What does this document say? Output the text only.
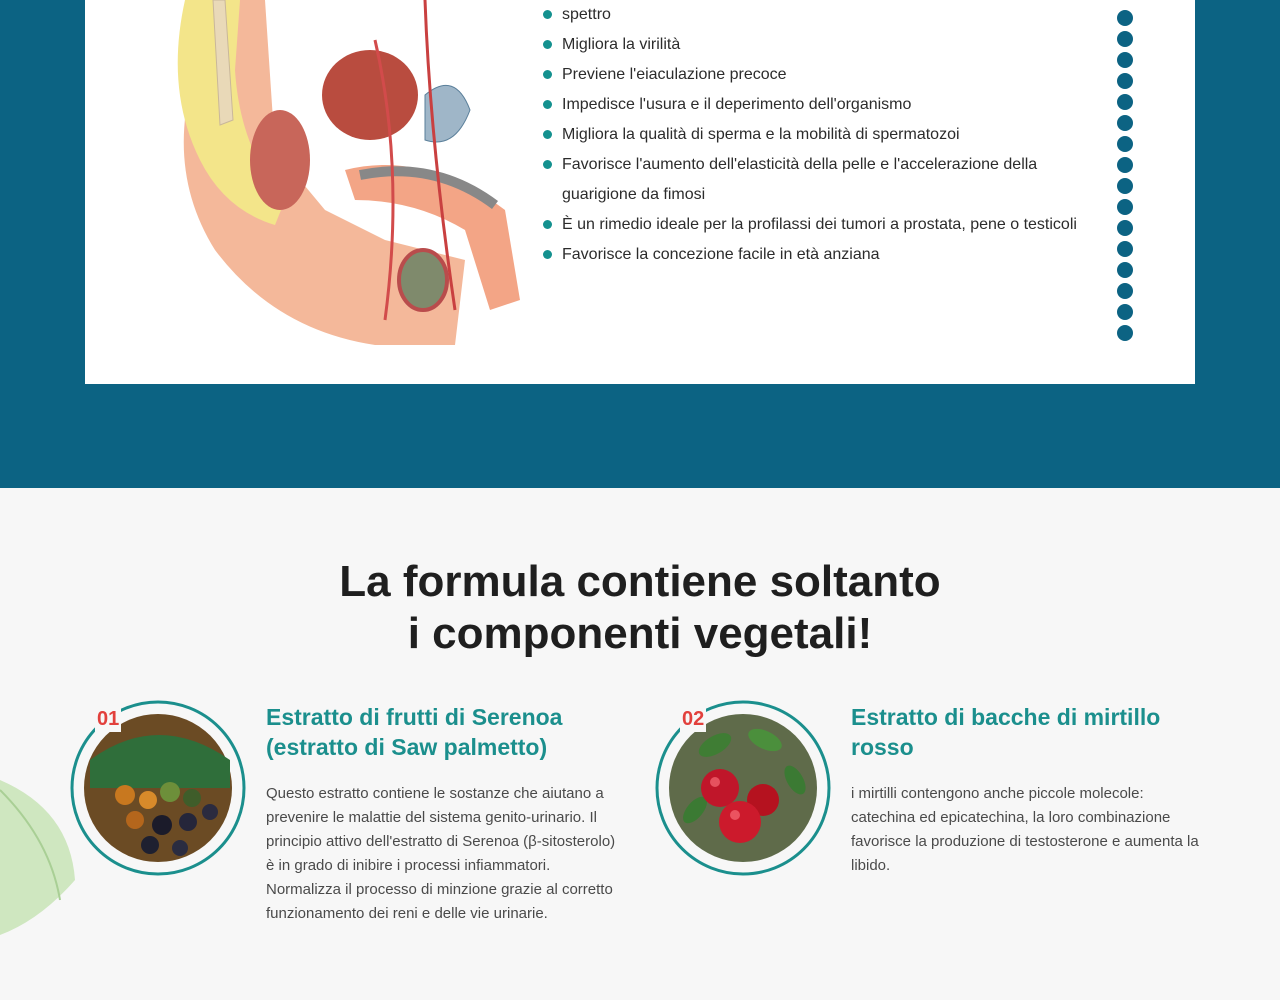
spettro
Migliora la virilità
Previene l'eiaculazione precoce
Impedisce l'usura e il deperimento dell'organismo
Migliora la qualità di sperma e la mobilità di spermatozoi
Favorisce l'aumento dell'elasticità della pelle e l'accelerazione della guarigione da fimosi
È un rimedio ideale per la profilassi dei tumori a prostata, pene o testicoli
Favorisce la concezione facile in età anziana
La formula contiene soltanto
i componenti vegetali!
01	Estratto di frutti di Serenoa (estratto di Saw palmetto)

Questo estratto contiene le sostanze che aiutano a prevenire le malattie del sistema genito-urinario. Il principio attivo dell'estratto di Serenoa (β-sitosterolo) è in grado di inibire i processi infiammatori. Normalizza il processo di minzione grazie al corretto funzionamento dei reni e delle vie urinarie.

02	Estratto di bacche di mirtillo rosso

i mirtilli contengono anche piccole molecole: catechina ed epicatechina, la loro combinazione favorisce la produzione di testosterone e aumenta la libido.
